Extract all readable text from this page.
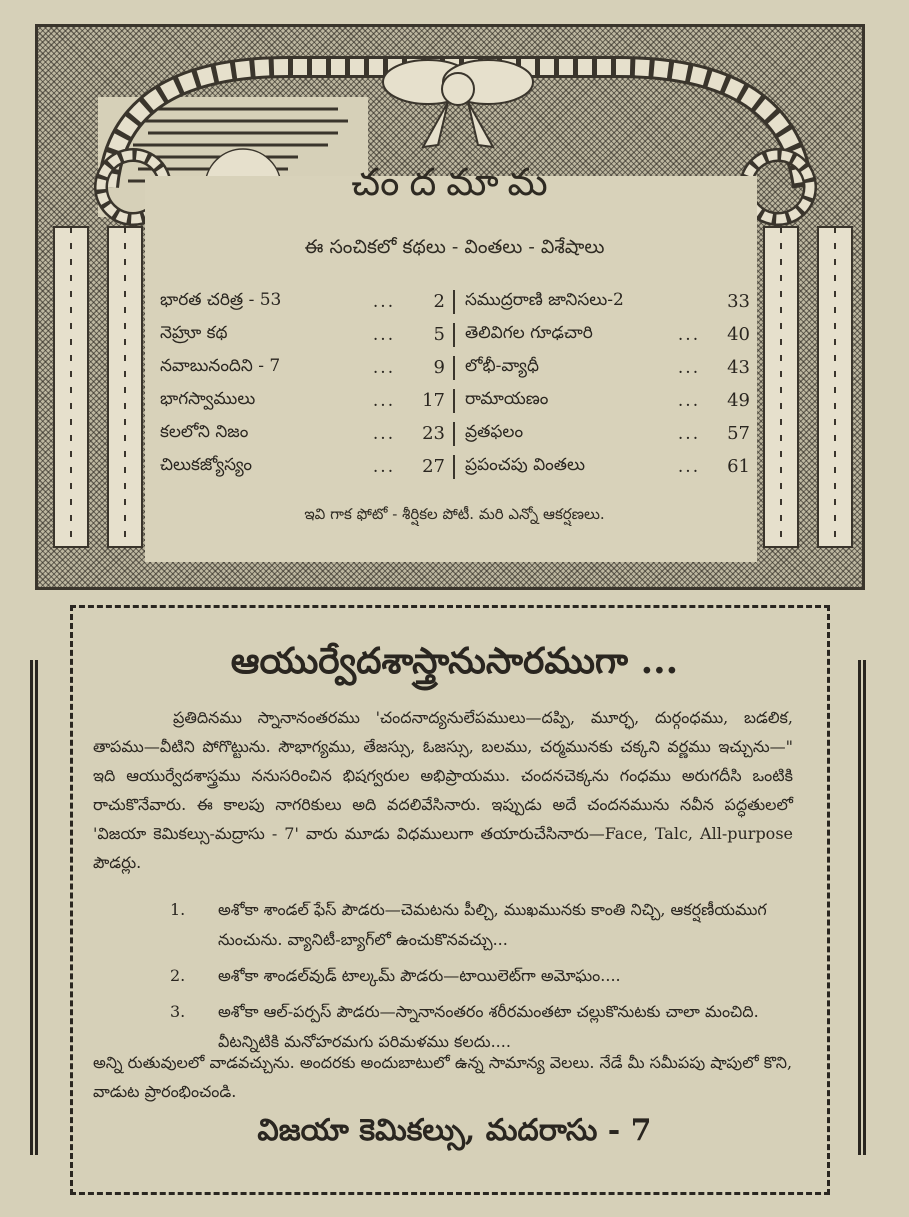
చందమామ
ఈ సంచికలో కథలు - వింతలు - విశేషాలు
భారత చరిత్ర - 53	...	2 సముద్రరాణి జానిసలు-2	33
నెహ్రూ కథ	...	5 తెలివిగల గూఢచారి	...	40
నవాబునందిని - 7	...	9 లోభీ-వ్యాధీ	...	43
భాగస్వాములు	...	17 రామాయణం	...	49
కలలోని నిజం	...	23 వ్రతఫలం	...	57
చిలుకజ్యోస్యం	...	27 ప్రపంచపు వింతలు	...	61
ఇవి గాక ఫోటో - శీర్షికల పోటీ. మరి ఎన్నో ఆకర్షణలు.
ఆయుర్వేదశాస్త్రానుసారముగా ...
ప్రతిదినము స్నానానంతరము 'చందనాద్యనులేపములు—దప్పి, మూర్ఛ, దుర్గంధము, బడలిక, తాపము—వీటిని పోగొట్టును. సౌభాగ్యము, తేజస్సు, ఓజస్సు, బలము, చర్మమునకు చక్కని వర్ణము ఇచ్చును—" ఇది ఆయుర్వేదశాస్త్రము ననుసరించిన భిషగ్వరుల అభిప్రాయము. చందనచెక్కను గంధము అరుగదీసి ఒంటికి రాచుకొనేవారు. ఈ కాలపు నాగరికులు అది వదలివేసినారు. ఇప్పుడు అదే చందనమును నవీన పద్ధతులలో 'విజయా కెమికల్సు-మద్రాసు - 7' వారు మూడు విధములుగా తయారుచేసినారు—Face, Talc, All-purpose పౌడర్లు.
1.	అశోకా శాండల్ ఫేస్ పౌడరు—చెమటను పీల్చి, ముఖమునకు కాంతి నిచ్చి, ఆకర్షణీయముగ నుంచును. వ్యానిటీ-బ్యాగ్‌లో ఉంచుకొనవచ్చు...
2.	అశోకా శాండల్‌వుడ్ టాల్కమ్ పౌడరు—టాయిలెట్‌గా అమోఘం....
3.	అశోకా ఆల్-పర్పస్ పౌడరు—స్నానానంతరం శరీరమంతటా చల్లుకొనుటకు చాలా మంచిది. వీటన్నిటికి మనోహరమగు పరిమళము కలదు....
అన్ని రుతువులలో వాడవచ్చును. అందరకు అందుబాటులో ఉన్న సామాన్య వెలలు. నేడే మీ సమీపపు షాపులో కొని, వాడుట ప్రారంభించండి.
విజయా కెమికల్సు, మదరాసు - 7
